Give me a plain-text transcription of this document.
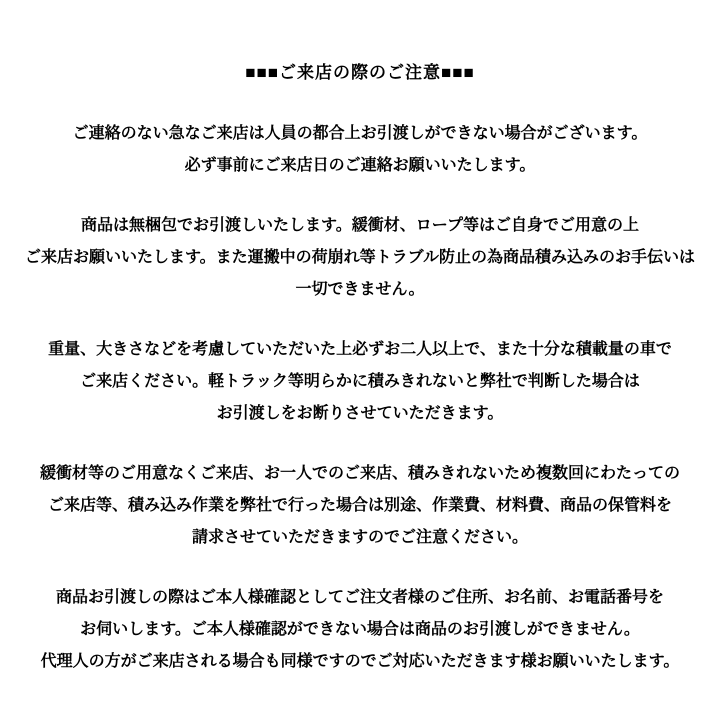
■■■ご来店の際のご注意■■■
ご連絡のない急なご来店は人員の都合上お引渡しができない場合がございます。
必ず事前にご来店日のご連絡お願いいたします。
商品は無梱包でお引渡しいたします。緩衝材、ロープ等はご自身でご用意の上
ご来店お願いいたします。また運搬中の荷崩れ等トラブル防止の為商品積み込みのお手伝いは
一切できません。
重量、大きさなどを考慮していただいた上必ずお二人以上で、また十分な積載量の車で
ご来店ください。軽トラック等明らかに積みきれないと弊社で判断した場合は
お引渡しをお断りさせていただきます。
緩衝材等のご用意なくご来店、お一人でのご来店、積みきれないため複数回にわたっての
ご来店等、積み込み作業を弊社で行った場合は別途、作業費、材料費、商品の保管料を
請求させていただきますのでご注意ください。
商品お引渡しの際はご本人様確認としてご注文者様のご住所、お名前、お電話番号を
お伺いします。ご本人様確認ができない場合は商品のお引渡しができません。
代理人の方がご来店される場合も同様ですのでご対応いただきます様お願いいたします。
